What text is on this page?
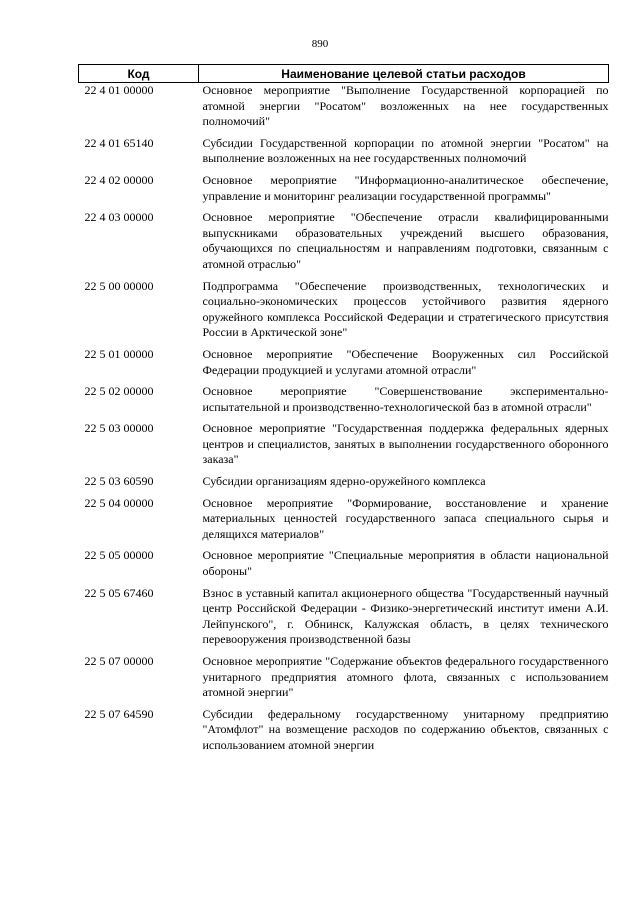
890
Код	Наименование целевой статьи расходов
22 4 01 00000	Основное мероприятие "Выполнение Государственной корпорацией по атомной энергии "Росатом" возложенных на нее государственных полномочий"
22 4 01 65140	Субсидии Государственной корпорации по атомной энергии "Росатом" на выполнение возложенных на нее государственных полномочий
22 4 02 00000	Основное мероприятие "Информационно-аналитическое обеспечение, управление и мониторинг реализации государственной программы"
22 4 03 00000	Основное мероприятие "Обеспечение отрасли квалифицированными выпускниками образовательных учреждений высшего образования, обучающихся по специальностям и направлениям подготовки, связанным с атомной отраслью"
22 5 00 00000	Подпрограмма "Обеспечение производственных, технологических и социально-экономических процессов устойчивого развития ядерного оружейного комплекса Российской Федерации и стратегического присутствия России в Арктической зоне"
22 5 01 00000	Основное мероприятие "Обеспечение Вооруженных сил Российской Федерации продукцией и услугами атомной отрасли"
22 5 02 00000	Основное мероприятие "Совершенствование экспериментально-испытательной и производственно-технологической баз в атомной отрасли"
22 5 03 00000	Основное мероприятие "Государственная поддержка федеральных ядерных центров и специалистов, занятых в выполнении государственного оборонного заказа"
22 5 03 60590	Субсидии организациям ядерно-оружейного комплекса
22 5 04 00000	Основное мероприятие "Формирование, восстановление и хранение материальных ценностей государственного запаса специального сырья и делящихся материалов"
22 5 05 00000	Основное мероприятие "Специальные мероприятия в области национальной обороны"
22 5 05 67460	Взнос в уставный капитал акционерного общества "Государственный научный центр Российской Федерации - Физико-энергетический институт имени А.И. Лейпунского", г. Обнинск, Калужская область, в целях технического перевооружения производственной базы
22 5 07 00000	Основное мероприятие "Содержание объектов федерального государственного унитарного предприятия атомного флота, связанных с использованием атомной энергии"
22 5 07 64590	Субсидии федеральному государственному унитарному предприятию "Атомфлот" на возмещение расходов по содержанию объектов, связанных с использованием атомной энергии
